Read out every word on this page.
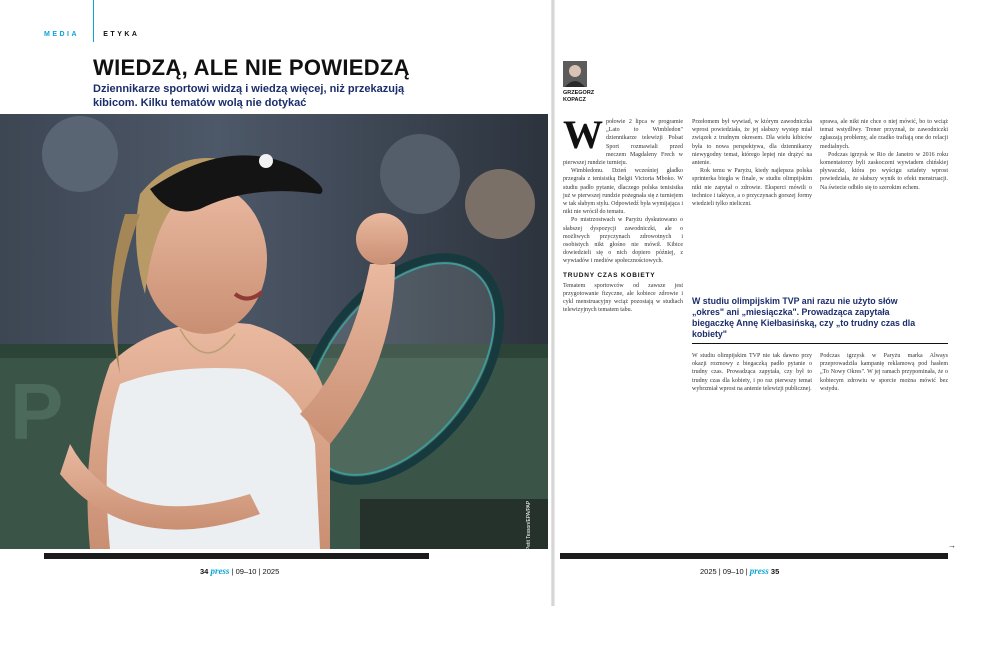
MEDIA	ETYKA
WIEDZĄ, ALE NIE POWIEDZĄ

Dziennikarze sportowi widzą i wiedzą więcej, niż przekazują kibicom. Kilku tematów wolą nie dotykać

P
MAGDALENA FRECH na pomeczowej konferencji wprost powiedziała, co było przyczyną jej niedyspozycji w pierwszej rundzie Wimbledonu
fot. Christophe Petit Tesson/EPA/PAP
GRZEGORZ
KOPACZ
W połowie 2 lipca w programie „Lato to Wimbledon" dziennikarze telewizji Polsat Sport rozmawiali przed meczem Magdaleny Frech w pierwszej rundzie turnieju.

Wimbledonu. Dzień wcześniej gładko przegrała z tenisistką Belgii Victoria Mboko. W studiu padło pytanie, dlaczego polska tenisistka już w pierwszej rundzie pożegnała się z turniejem w tak słabym stylu. Odpowiedź była wymijająca i nikt nie wrócił do tematu.

Po mistrzostwach w Paryżu dyskutowano o słabszej dyspozycji zawodniczki, ale o możliwych przyczynach zdrowotnych i osobistych nikt głośno nie mówił. Kibice dowiedzieli się o nich dopiero później, z wywiadów i mediów społecznościowych.

TRUDNY CZAS KOBIETY

Tematem sportowców od zawsze jest przygotowanie fizyczne, ale kobiece zdrowie i cykl menstruacyjny wciąż pozostają w studiach telewizyjnych tematem tabu.

Przełomem był wywiad, w którym zawodniczka wprost powiedziała, że jej słabszy występ miał związek z trudnym okresem. Dla wielu kibiców była to nowa perspektywa, dla dziennikarzy niewygodny temat, którego lepiej nie drążyć na antenie.

Rok temu w Paryżu, kiedy najlepsza polska sprinterka biegła w finale, w studiu olimpijskim nikt nie zapytał o zdrowie. Eksperci mówili o technice i taktyce, a o przyczynach gorszej formy wiedzieli tylko nieliczni.

sprawa, ale nikt nie chce o niej mówić, bo to wciąż temat wstydliwy. Trener przyznał, że zawodniczki zgłaszają problemy, ale rzadko trafiają one do relacji medialnych.

Podczas igrzysk w Rio de Janeiro w 2016 roku komentatorzy byli zaskoczeni wywiadem chińskiej pływaczki, która po wyścigu sztafety wprost powiedziała, że słabszy wynik to efekt menstruacji. Na świecie odbiło się to szerokim echem.

W studiu olimpijskim TVP ani razu nie użyto słów „okres" ani „miesiączka". Prowadząca zapytała biegaczkę Annę Kiełbasińską, czy „to trudny czas dla kobiety"

W studiu olimpijskim TVP nie tak dawno przy okazji rozmowy z biegaczką padło pytanie o trudny czas. Prowadząca zapytała, czy był to trudny czas dla kobiety, i po raz pierwszy temat wybrzmiał wprost na antenie telewizji publicznej.

Podczas igrzysk w Paryżu marka Always przeprowadziła kampanię reklamową pod hasłem „To Nowy Okres". W jej ramach przypominała, że o kobiecym zdrowiu w sporcie można mówić bez wstydu.

→
34 press | 09–10 | 2025	2025 | 09–10 | press 35
